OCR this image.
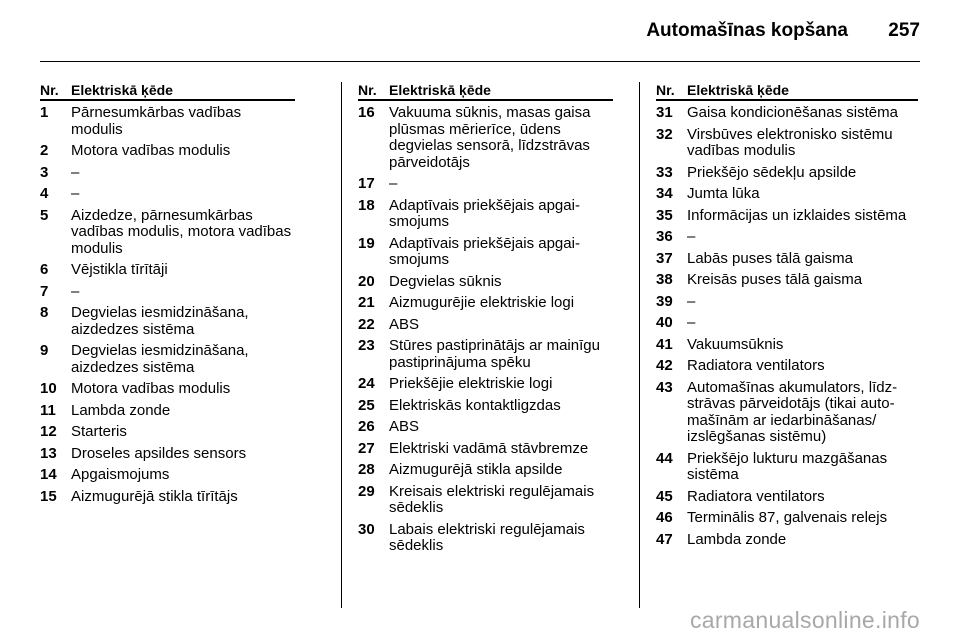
Automašīnas kopšana 257
Nr. Elektriskā ķēde
1	Pārnesumkārbas vadības modulis
2	Motora vadības modulis
3	–
4	–
5	Aizdedze, pārnesumkārbas vadības modulis, motora vadības modulis
6	Vējstikla tīrītāji
7	–
8	Degvielas iesmidzināšana, aizdedzes sistēma
9	Degvielas iesmidzināšana, aizdedzes sistēma
10 Motora vadības modulis
11	Lambda zonde
12 Starteris
13 Droseles apsildes sensors
14 Apgaismojums
15 Aizmugurējā stikla tīrītājs
Nr. Elektriskā ķēde
16 Vakuuma sūknis, masas gaisa plūsmas mērierīce, ūdens degvielas sensorā, līdzstrāvas pārveidotājs
17 –
18 Adaptīvais priekšējais apgai-smojums
19 Adaptīvais priekšējais apgai-smojums
20 Degvielas sūknis
21 Aizmugurējie elektriskie logi
22 ABS
23 Stūres pastiprinātājs ar mainīgu pastiprinājuma spēku
24 Priekšējie elektriskie logi
25 Elektriskās kontaktligzdas
26 ABS
27 Elektriski vadāmā stāvbremze
28 Aizmugurējā stikla apsilde
29 Kreisais elektriski regulējamais sēdeklis
30 Labais elektriski regulējamais sēdeklis
Nr. Elektriskā ķēde
31 Gaisa kondicionēšanas sistēma
32 Virsbūves elektronisko sistēmu vadības modulis
33 Priekšējo sēdekļu apsilde
34 Jumta lūka
35 Informācijas un izklaides sistēma
36 –
37 Labās puses tālā gaisma
38 Kreisās puses tālā gaisma
39 –
40 –
41 Vakuumsūknis
42 Radiatora ventilators
43 Automašīnas akumulators, līdz-strāvas pārveidotājs (tikai auto-mašīnām ar iedarbināšanas/ izslēgšanas sistēmu)
44 Priekšējo lukturu mazgāšanas sistēma
45 Radiatora ventilators
46 Terminālis 87, galvenais relejs
47 Lambda zonde
carmanualsonline.info
